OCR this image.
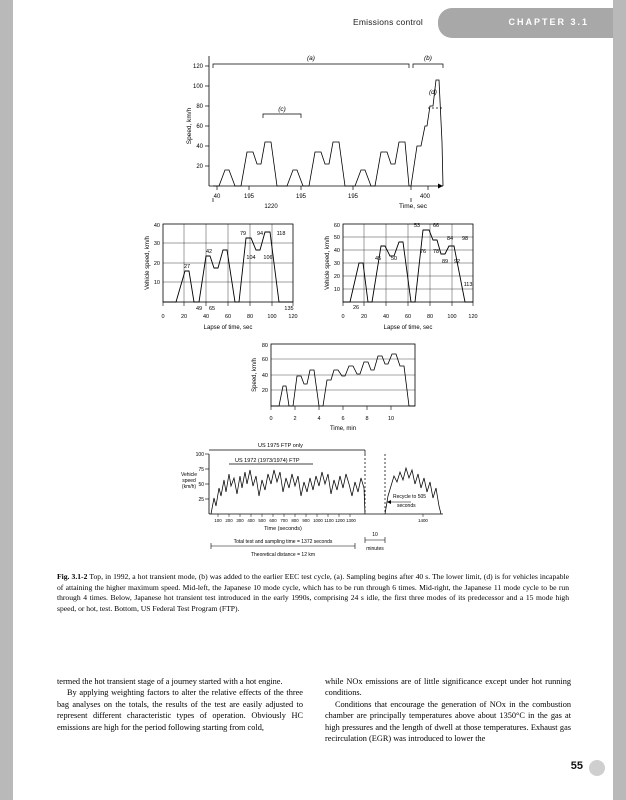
Emissions control	CHAPTER 3.1
120
100
80
60
40
20
Speed, km/h
(a)	(b)
(c)
(d)
40	195	195	195	400
1220	Time, sec
40
30
20
10
Vehicle speed, km/h	27
42
79 94 118
104 106
49 65	135
0	20	40	60	80	100 120
Lapse of time, sec
60
50
40
30
20
10
Vehicle speed, km/h
26
45 50
53 66
76 78
84 98
89 92
113
0	20	40	60	80	100 120
Lapse of time, sec
80
60
40
20
Speed, km/h
0	2	4	6	8	10
Time, min
US 1975 FTP only
US 1972 (1973/1974) FTP
100
75
50
25
Vehicle
speed
(km/h)
100 200 300 400 500 600 700 800 900 1000 1100 1200 1300	1400
Time (seconds)
Recycle to 505
seconds
10
minutes
Total test and sampling time = 1372 seconds
Theoretical distance = 12 km
Fig. 3.1-2 Top, in 1992, a hot transient mode, (b) was added to the earlier EEC test cycle, (a). Sampling begins after 40 s. The lower limit, (d) is for vehicles incapable of attaining the higher maximum speed. Mid-left, the Japanese 10 mode cycle, which has to be run through 6 times. Mid-right, the Japanese 11 mode cycle to be run through 4 times. Below, Japanese hot transient test introduced in the early 1990s, comprising 24 s idle, the first three modes of its predecessor and a 15 mode high speed, or hot, test. Bottom, US Federal Test Program (FTP).

termed the hot transient stage of a journey started with a hot engine.

By applying weighting factors to alter the relative effects of the three bag analyses on the totals, the results of the test are easily adjusted to represent different characteristic types of operation. Obviously HC emissions are high for the period following starting from cold,

while NOx emissions are of little significance except under hot running conditions.

Conditions that encourage the generation of NOx in the combustion chamber are principally temperatures above about 1350°C in the gas at high pressures and the length of dwell at those temperatures. Exhaust gas recirculation (EGR) was introduced to lower the

55
